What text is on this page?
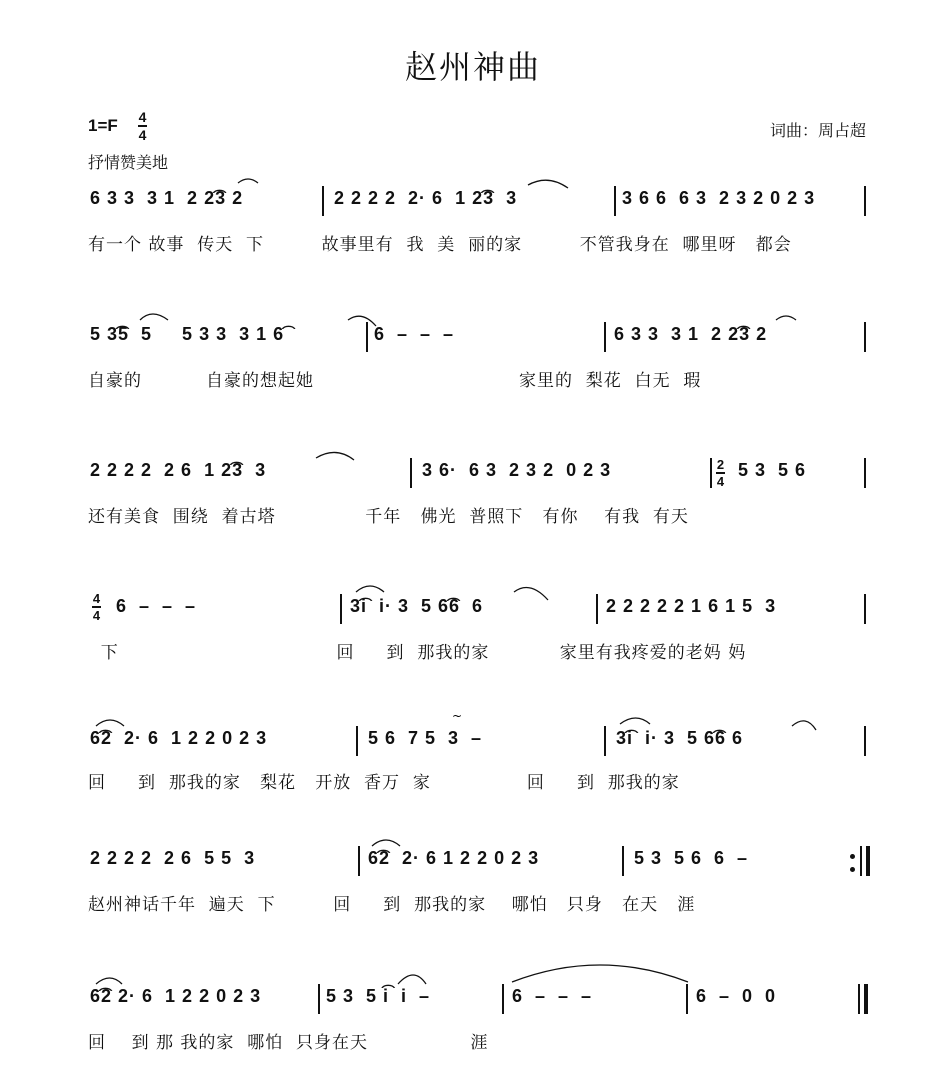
赵州神曲
1=F 4
4	词曲：周占超
抒情赞美地
6 3 3  3 1  2 2͡3 2	2 2 2 2  2· 6  1 2͡3  3	3 6 6  6 3  2 3 2 0 2 3
有一个 故事  传天  下         故事里有  我  美  丽的家         不管我身在  哪里呀   都会
5 3͡5  5     5 3 3  3 1 6͡	6  –  –  –	6 3 3  3 1  2 2͡3 2
自豪的          自豪的想起她                                家里的  梨花  白无  瑕
2 2 2 2  2 6  1 2͡3  3	3 6·  6 3  2 3 2  0 2 3	5 3  5 6
还有美食  围绕  着古塔              千年   佛光  普照下   有你    有我  有天
2
4
6  –  –  –	3͡i  i· 3  5 6͡6  6	2 2 2 2 2 1 6 1 5  3
下                                  回     到  那我的家           家里有我疼爱的老妈 妈
4
4
6͡2  2· 6  1 2 2 0 2 3	5 6  7 5  3  –	3͡i  i· 3  5 6͡6 6
回     到  那我的家   梨花   开放  香万  家               回     到  那我的家
2 2 2 2  2 6  5 5  3	6͡2  2· 6 1 2 2 0 2 3	5 3  5 6  6  –
赵州神话千年  遍天  下         回     到  那我的家    哪怕   只身   在天   涯
6͡2 2· 6  1 2 2 0 2 3	5 3  5 i͡  i  –	6  –  –  –	6  –  0  0
回    到 那 我的家  哪怕  只身在天                涯
~
